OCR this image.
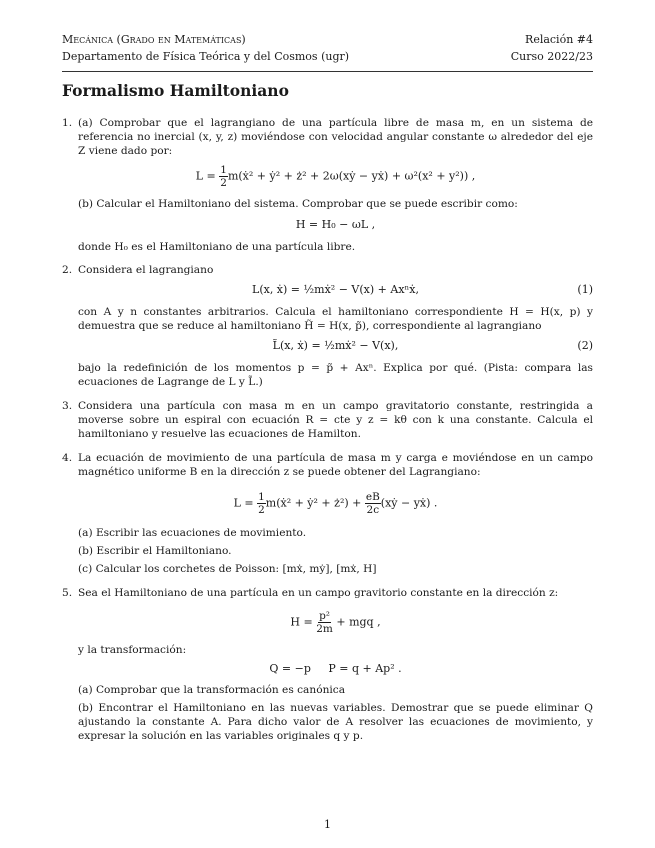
Mecánica (Grado en Matemáticas)	Relación #4
Departamento de Física Teórica y del Cosmos (ugr)	Curso 2022/23
Formalismo Hamiltoniano
1. (a) Comprobar que el lagrangiano de una partícula libre de masa m, en un sistema de referencia no inercial (x, y, z) moviéndose con velocidad angular constante ω alrededor del eje Z viene dado por:

$L = \frac{1}{2}$ m(ẋ² + ẏ² + ż² + 2ω(xẏ − yẋ) + ω²(x² + y²)) ,

(b) Calcular el Hamiltoniano del sistema. Comprobar que se puede escribir como:

H = H₀ − ωL ,

donde H₀ es el Hamiltoniano de una partícula libre.

2. Considera el lagrangiano

L(x, ẋ) = ½mẋ² − V(x) + Axⁿẋ,	(1)

con A y n constantes arbitrarios. Calcula el hamiltoniano correspondiente H = H(x, p) y demuestra que se reduce al hamiltoniano H̃ = H(x, p̃), correspondiente al lagrangiano

L̃(x, ẋ) = ½mẋ² − V(x),	(2)

bajo la redefinición de los momentos p = p̃ + Axⁿ. Explica por qué. (Pista: compara las ecuaciones de Lagrange de L y L̃.)

3. Considera una partícula con masa m en un campo gravitatorio constante, restringida a moverse sobre un espiral con ecuación R = cte y z = kθ con k una constante. Calcula el hamiltoniano y resuelve las ecuaciones de Hamilton.

4. La ecuación de movimiento de una partícula de masa m y carga e moviéndose en un campo magnético uniforme B en la dirección z se puede obtener del Lagrangiano:

$L = \frac{1}{2}$ m(ẋ² + ẏ² + ż²) + $\frac{eB}{2c}$ (xẏ − yẋ) .

(a) Escribir las ecuaciones de movimiento.

(b) Escribir el Hamiltoniano.

(c) Calcular los corchetes de Poisson: [mẋ, mẏ], [mẋ, H]

5. Sea el Hamiltoniano de una partícula en un campo gravitorio constante en la dirección z:

$H = \frac{\text{p²}}{2m}$ + mgq ,

y la transformación:

Q = −p     P = q + Ap² .

(a) Comprobar que la transformación es canónica

(b) Encontrar el Hamiltoniano en las nuevas variables. Demostrar que se puede eliminar Q ajustando la constante A. Para dicho valor de A resolver las ecuaciones de movimiento, y expresar la solución en las variables originales q y p.

1
